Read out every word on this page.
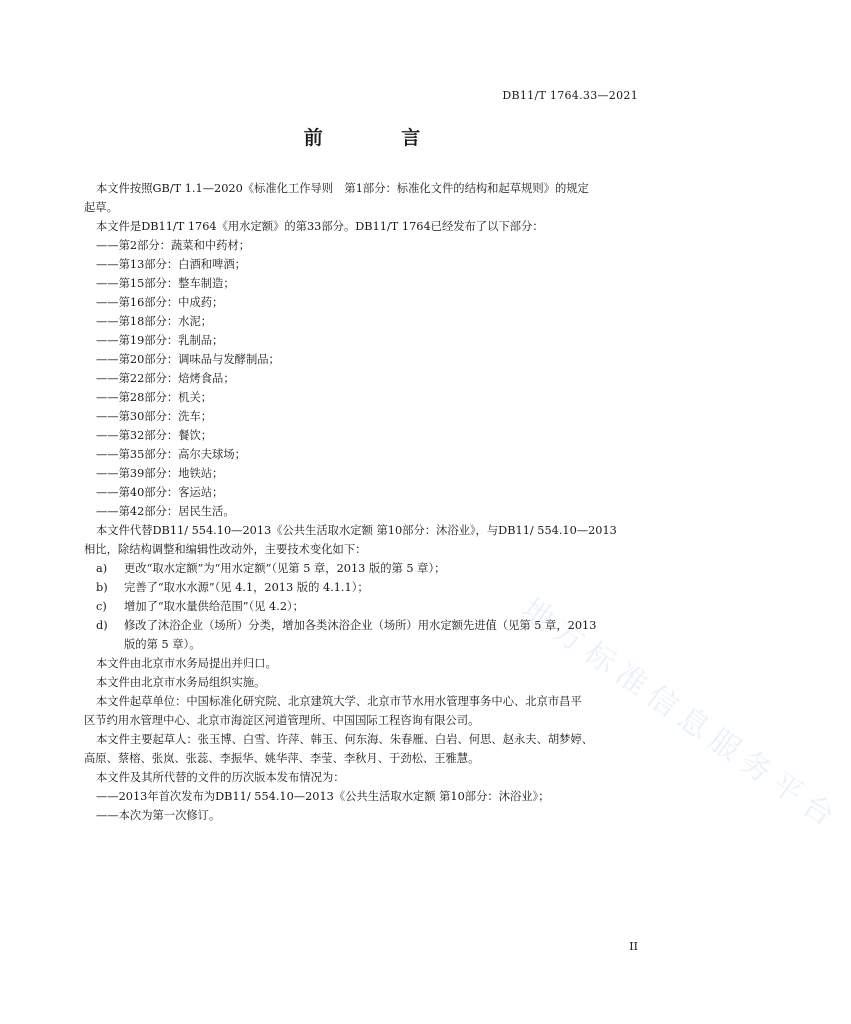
DB11/T 1764.33—2021
前 言
地方标准信息服务平台

本文件按照GB/T 1.1—2020《标准化工作导则　第1部分：标准化文件的结构和起草规则》的规定

起草。

本文件是DB11/T 1764《用水定额》的第33部分。DB11/T 1764已经发布了以下部分：

——第2部分：蔬菜和中药材；

——第13部分：白酒和啤酒；

——第15部分：整车制造；

——第16部分：中成药；

——第18部分：水泥；

——第19部分：乳制品；

——第20部分：调味品与发酵制品；

——第22部分：焙烤食品；

——第28部分：机关；

——第30部分：洗车；

——第32部分：餐饮；

——第35部分：高尔夫球场；

——第39部分：地铁站；

——第40部分：客运站；

——第42部分：居民生活。

本文件代替DB11/ 554.10—2013《公共生活取水定额 第10部分：沐浴业》，与DB11/ 554.10—2013

相比，除结构调整和编辑性改动外，主要技术变化如下：

a)	更改“取水定额”为“用水定额”（见第 5 章，2013 版的第 5 章）；
b)	完善了“取水水源”（见 4.1，2013 版的 4.1.1）；
c)	增加了“取水量供给范围”（见 4.2）；
d)	修改了沐浴企业（场所）分类，增加各类沐浴企业（场所）用水定额先进值（见第 5 章，2013
版的第 5 章）。

本文件由北京市水务局提出并归口。

本文件由北京市水务局组织实施。

本文件起草单位：中国标准化研究院、北京建筑大学、北京市节水用水管理事务中心、北京市昌平

区节约用水管理中心、北京市海淀区河道管理所、中国国际工程咨询有限公司。

本文件主要起草人：张玉博、白雪、许萍、韩玉、何东海、朱春雁、白岩、何思、赵永夫、胡梦婷、

高原、蔡榕、张岚、张蕊、李振华、姚华萍、李莹、李秋月、于劲松、王雅慧。

本文件及其所代替的文件的历次版本发布情况为：

——2013年首次发布为DB11/ 554.10—2013《公共生活取水定额 第10部分：沐浴业》；

——本次为第一次修订。

II
